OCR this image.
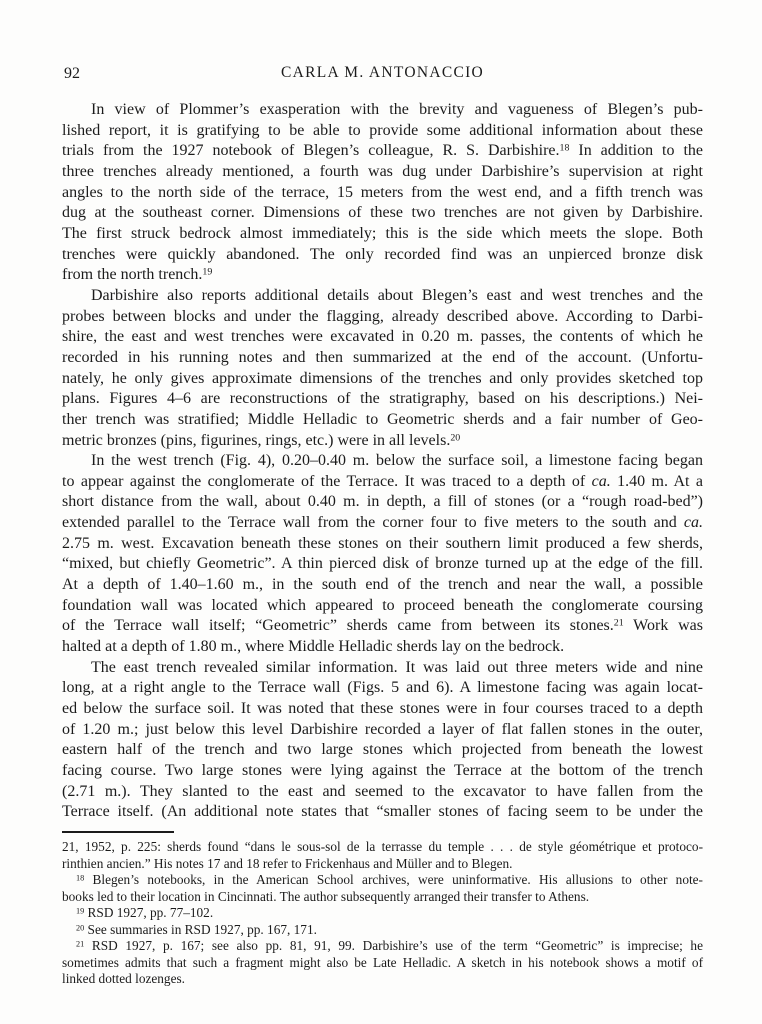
92	CARLA M. ANTONACCIO
In view of Plommer’s exasperation with the brevity and vagueness of Blegen’s pub-
lished report, it is gratifying to be able to provide some additional information about these
trials from the 1927 notebook of Blegen’s colleague, R. S. Darbishire.$^{18}$ In addition to the
three trenches already mentioned, a fourth was dug under Darbishire’s supervision at right
angles to the north side of the terrace, 15 meters from the west end, and a fifth trench was
dug at the southeast corner. Dimensions of these two trenches are not given by Darbishire.
The first struck bedrock almost immediately; this is the side which meets the slope. Both
trenches were quickly abandoned. The only recorded find was an unpierced bronze disk
from the north trench.$^{19}$
Darbishire also reports additional details about Blegen’s east and west trenches and the
probes between blocks and under the flagging, already described above. According to Darbi-
shire, the east and west trenches were excavated in 0.20 m. passes, the contents of which he
recorded in his running notes and then summarized at the end of the account. (Unfortu-
nately, he only gives approximate dimensions of the trenches and only provides sketched top
plans. Figures 4–6 are reconstructions of the stratigraphy, based on his descriptions.) Nei-
ther trench was stratified; Middle Helladic to Geometric sherds and a fair number of Geo-
metric bronzes (pins, figurines, rings, etc.) were in all levels.$^{20}$
In the west trench (Fig. 4), 0.20–0.40 m. below the surface soil, a limestone facing began
to appear against the conglomerate of the Terrace. It was traced to a depth of ca. 1.40 m. At a
short distance from the wall, about 0.40 m. in depth, a fill of stones (or a “rough road-bed”)
extended parallel to the Terrace wall from the corner four to five meters to the south and ca.
2.75 m. west. Excavation beneath these stones on their southern limit produced a few sherds,
“mixed, but chiefly Geometric”. A thin pierced disk of bronze turned up at the edge of the fill.
At a depth of 1.40–1.60 m., in the south end of the trench and near the wall, a possible
foundation wall was located which appeared to proceed beneath the conglomerate coursing
of the Terrace wall itself; “Geometric” sherds came from between its stones.$^{21}$ Work was
halted at a depth of 1.80 m., where Middle Helladic sherds lay on the bedrock.
The east trench revealed similar information. It was laid out three meters wide and nine
long, at a right angle to the Terrace wall (Figs. 5 and 6). A limestone facing was again locat-
ed below the surface soil. It was noted that these stones were in four courses traced to a depth
of 1.20 m.; just below this level Darbishire recorded a layer of flat fallen stones in the outer,
eastern half of the trench and two large stones which projected from beneath the lowest
facing course. Two large stones were lying against the Terrace at the bottom of the trench
(2.71 m.). They slanted to the east and seemed to the excavator to have fallen from the
Terrace itself. (An additional note states that “smaller stones of facing seem to be under the
21, 1952, p. 225: sherds found “dans le sous-sol de la terrasse du temple . . . de style géométrique et protoco-
rinthien ancien.” His notes 17 and 18 refer to Frickenhaus and Müller and to Blegen.
$^{18}$ Blegen’s notebooks, in the American School archives, were uninformative. His allusions to other note-
books led to their location in Cincinnati. The author subsequently arranged their transfer to Athens.
$^{19}$ RSD 1927, pp. 77–102.
$^{20}$ See summaries in RSD 1927, pp. 167, 171.
$^{21}$ RSD 1927, p. 167; see also pp. 81, 91, 99. Darbishire’s use of the term “Geometric” is imprecise; he
sometimes admits that such a fragment might also be Late Helladic. A sketch in his notebook shows a motif of
linked dotted lozenges.
